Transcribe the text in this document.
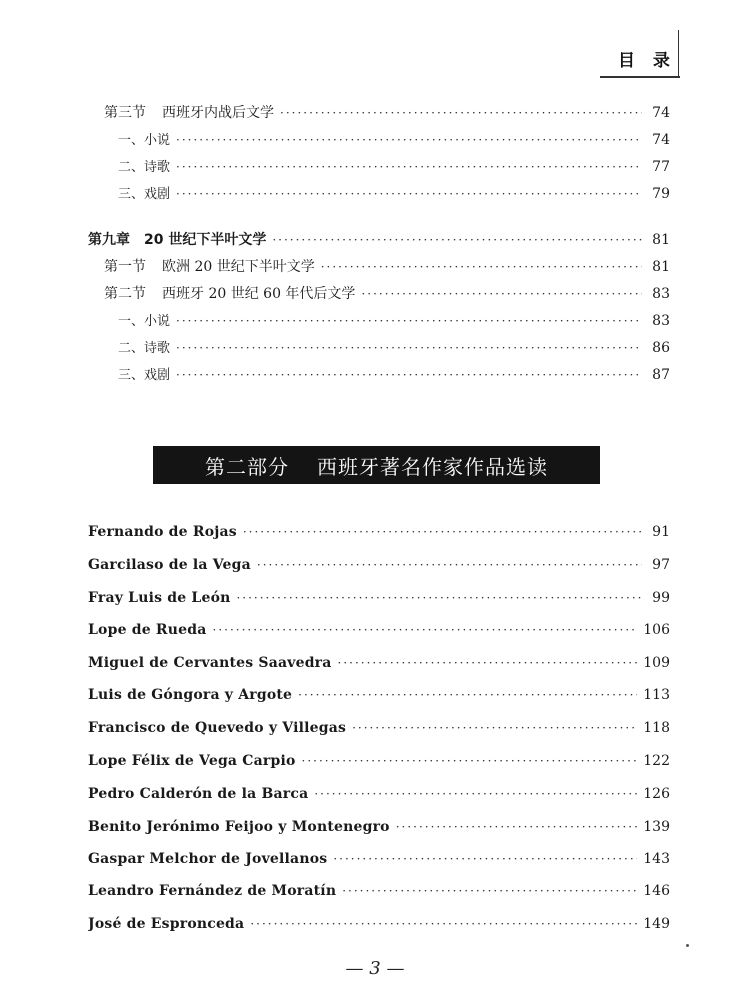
目 录
第三节 西班牙内战后文学 ·····	74
一、小说 ·····	74
二、诗歌 ·····	77
三、戏剧 ·····	79
第九章 20 世纪下半叶文学 ·····	81
第一节 欧洲 20 世纪下半叶文学 ·····	81
第二节 西班牙 20 世纪 60 年代后文学 ·····	83
一、小说 ·····	83
二、诗歌 ·····	86
三、戏剧 ·····	87
第二部分	西班牙著名作家作品选读
Fernando de Rojas ·····	91
Garcilaso de la Vega ·····	97
Fray Luis de León ·····	99
Lope de Rueda ·····	106
Miguel de Cervantes Saavedra ·····	109
Luis de Góngora y Argote ·····	113
Francisco de Quevedo y Villegas ·····	118
Lope Félix de Vega Carpio ·····	122
Pedro Calderón de la Barca ·····	126
Benito Jerónimo Feijoo y Montenegro ·····	139
Gaspar Melchor de Jovellanos ·····	143
Leandro Fernández de Moratín ·····	146
José de Espronceda ·····	149
— 3 —
